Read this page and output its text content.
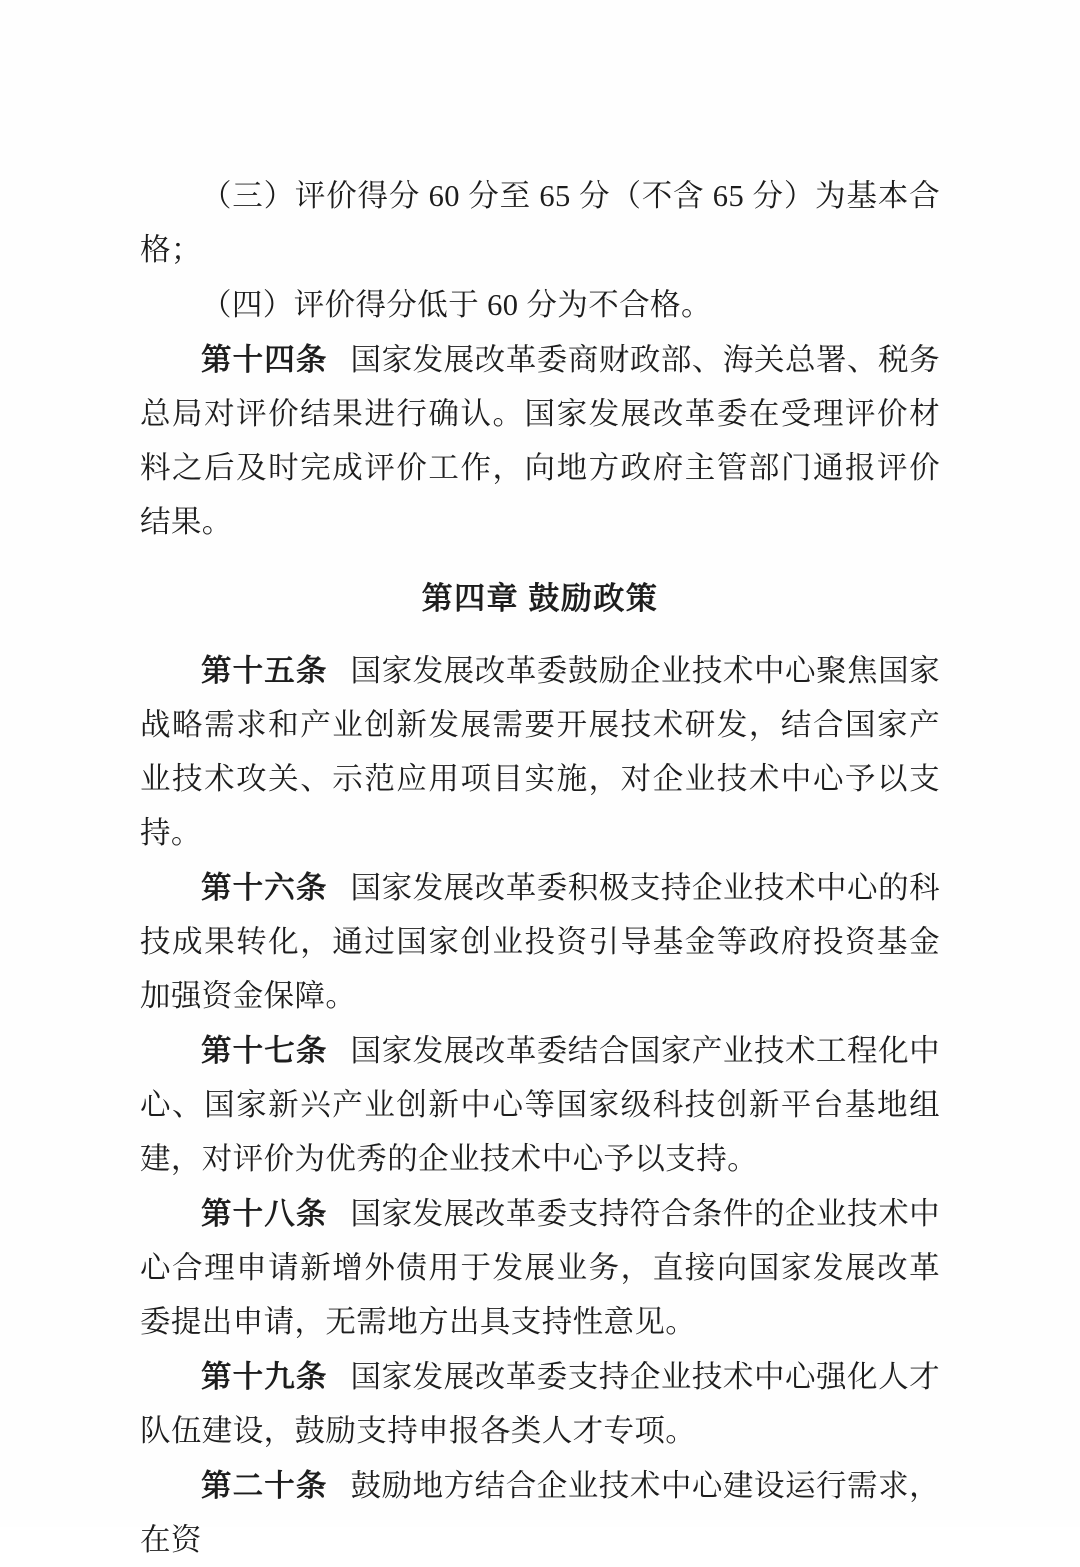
（三）评价得分 60 分至 65 分（不含 65 分）为基本合格；

（四）评价得分低于 60 分为不合格。

第十四条 国家发展改革委商财政部、海关总署、税务总局对评价结果进行确认。国家发展改革委在受理评价材料之后及时完成评价工作，向地方政府主管部门通报评价结果。

第四章 鼓励政策

第十五条 国家发展改革委鼓励企业技术中心聚焦国家战略需求和产业创新发展需要开展技术研发，结合国家产业技术攻关、示范应用项目实施，对企业技术中心予以支持。

第十六条 国家发展改革委积极支持企业技术中心的科技成果转化，通过国家创业投资引导基金等政府投资基金加强资金保障。

第十七条 国家发展改革委结合国家产业技术工程化中心、国家新兴产业创新中心等国家级科技创新平台基地组建，对评价为优秀的企业技术中心予以支持。

第十八条 国家发展改革委支持符合条件的企业技术中心合理申请新增外债用于发展业务，直接向国家发展改革委提出申请，无需地方出具支持性意见。

第十九条 国家发展改革委支持企业技术中心强化人才队伍建设，鼓励支持申报各类人才专项。

第二十条 鼓励地方结合企业技术中心建设运行需求，在资
